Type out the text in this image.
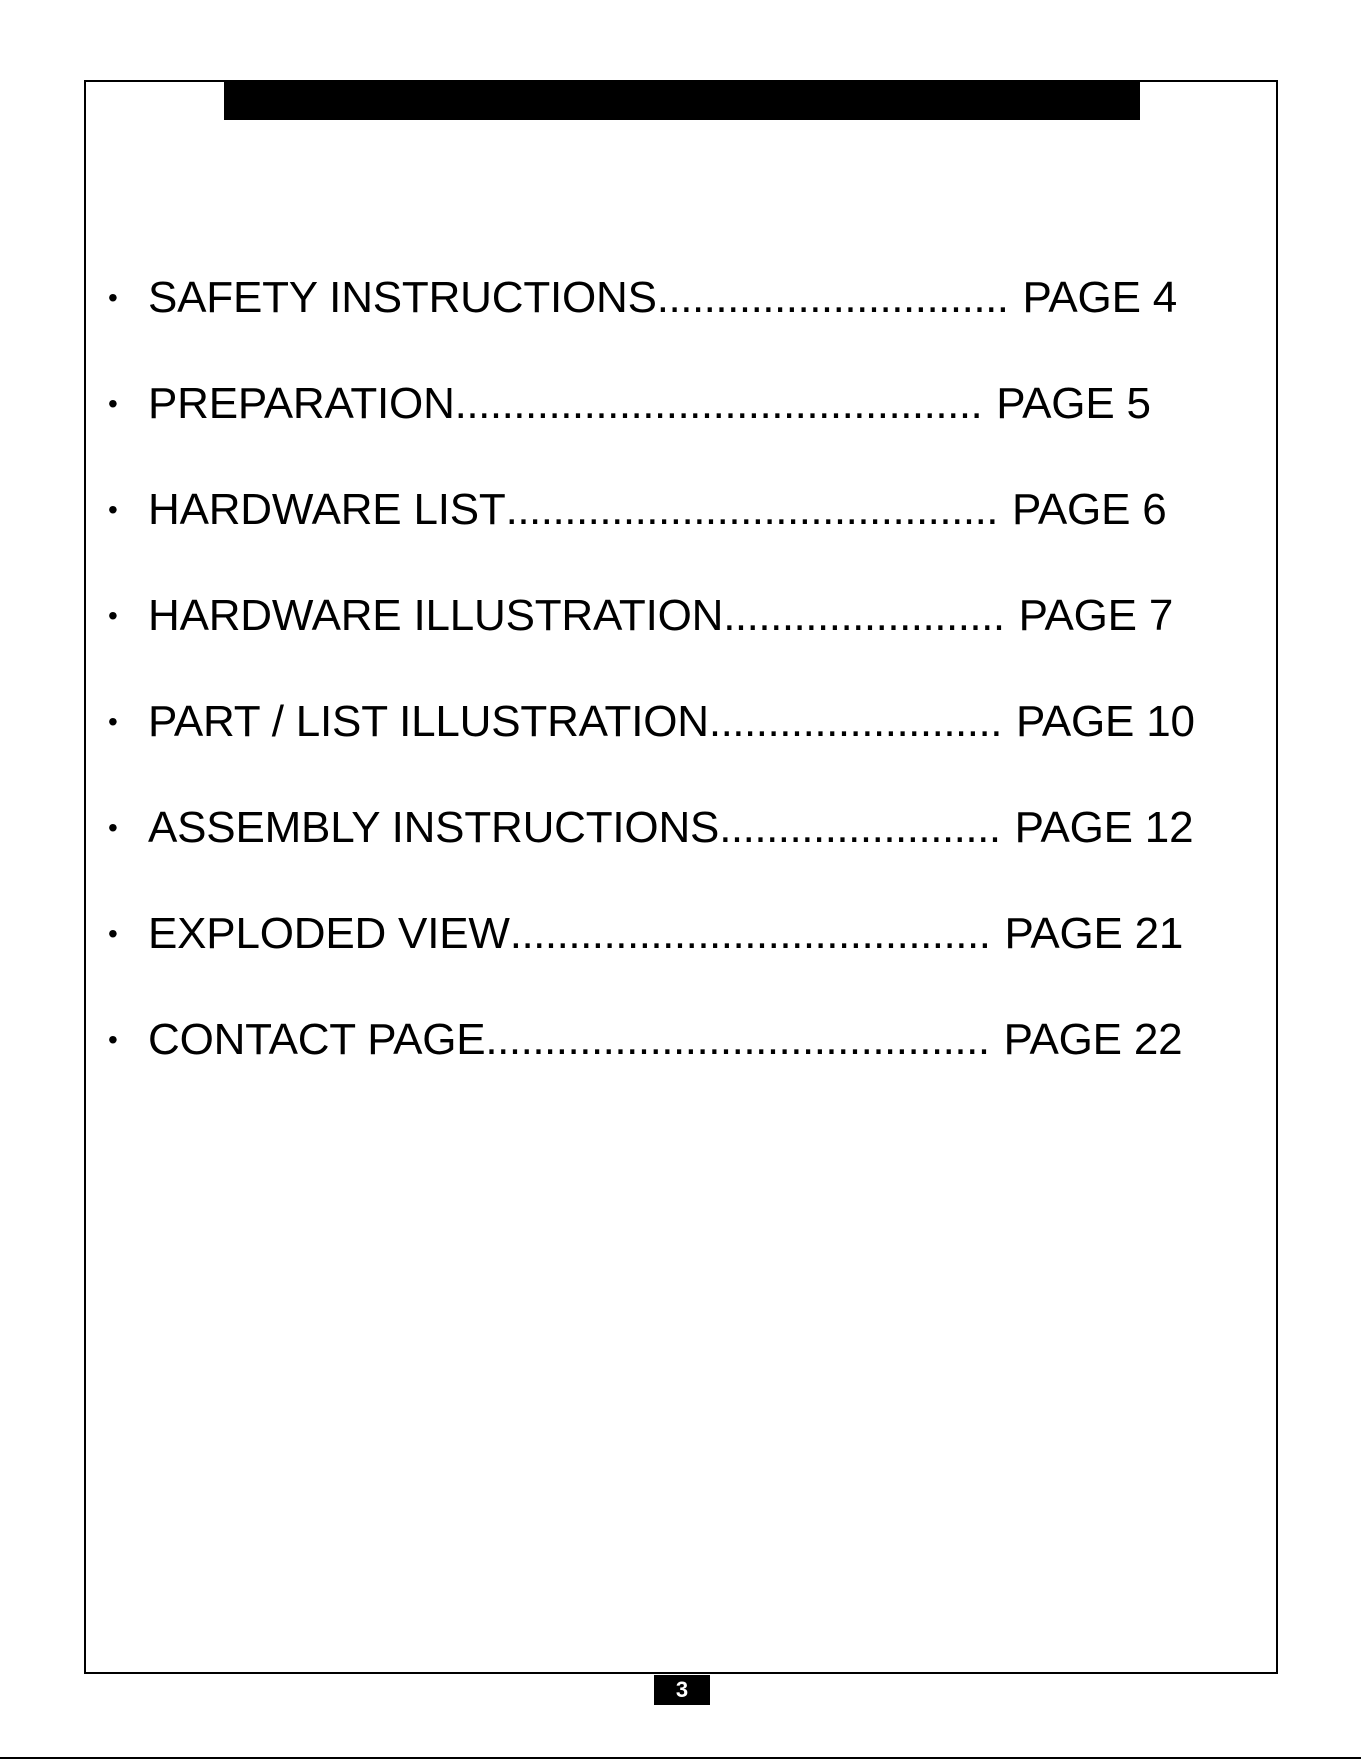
• SAFETY INSTRUCTIONS .............................. PAGE 4
• PREPARATION ............................................. PAGE 5
• HARDWARE LIST .......................................... PAGE 6
• HARDWARE ILLUSTRATION ........................ PAGE 7
• PART / LIST ILLUSTRATION ......................... PAGE 10
• ASSEMBLY INSTRUCTIONS ........................ PAGE 12
• EXPLODED VIEW ......................................... PAGE 21
• CONTACT PAGE ........................................... PAGE 22
3
